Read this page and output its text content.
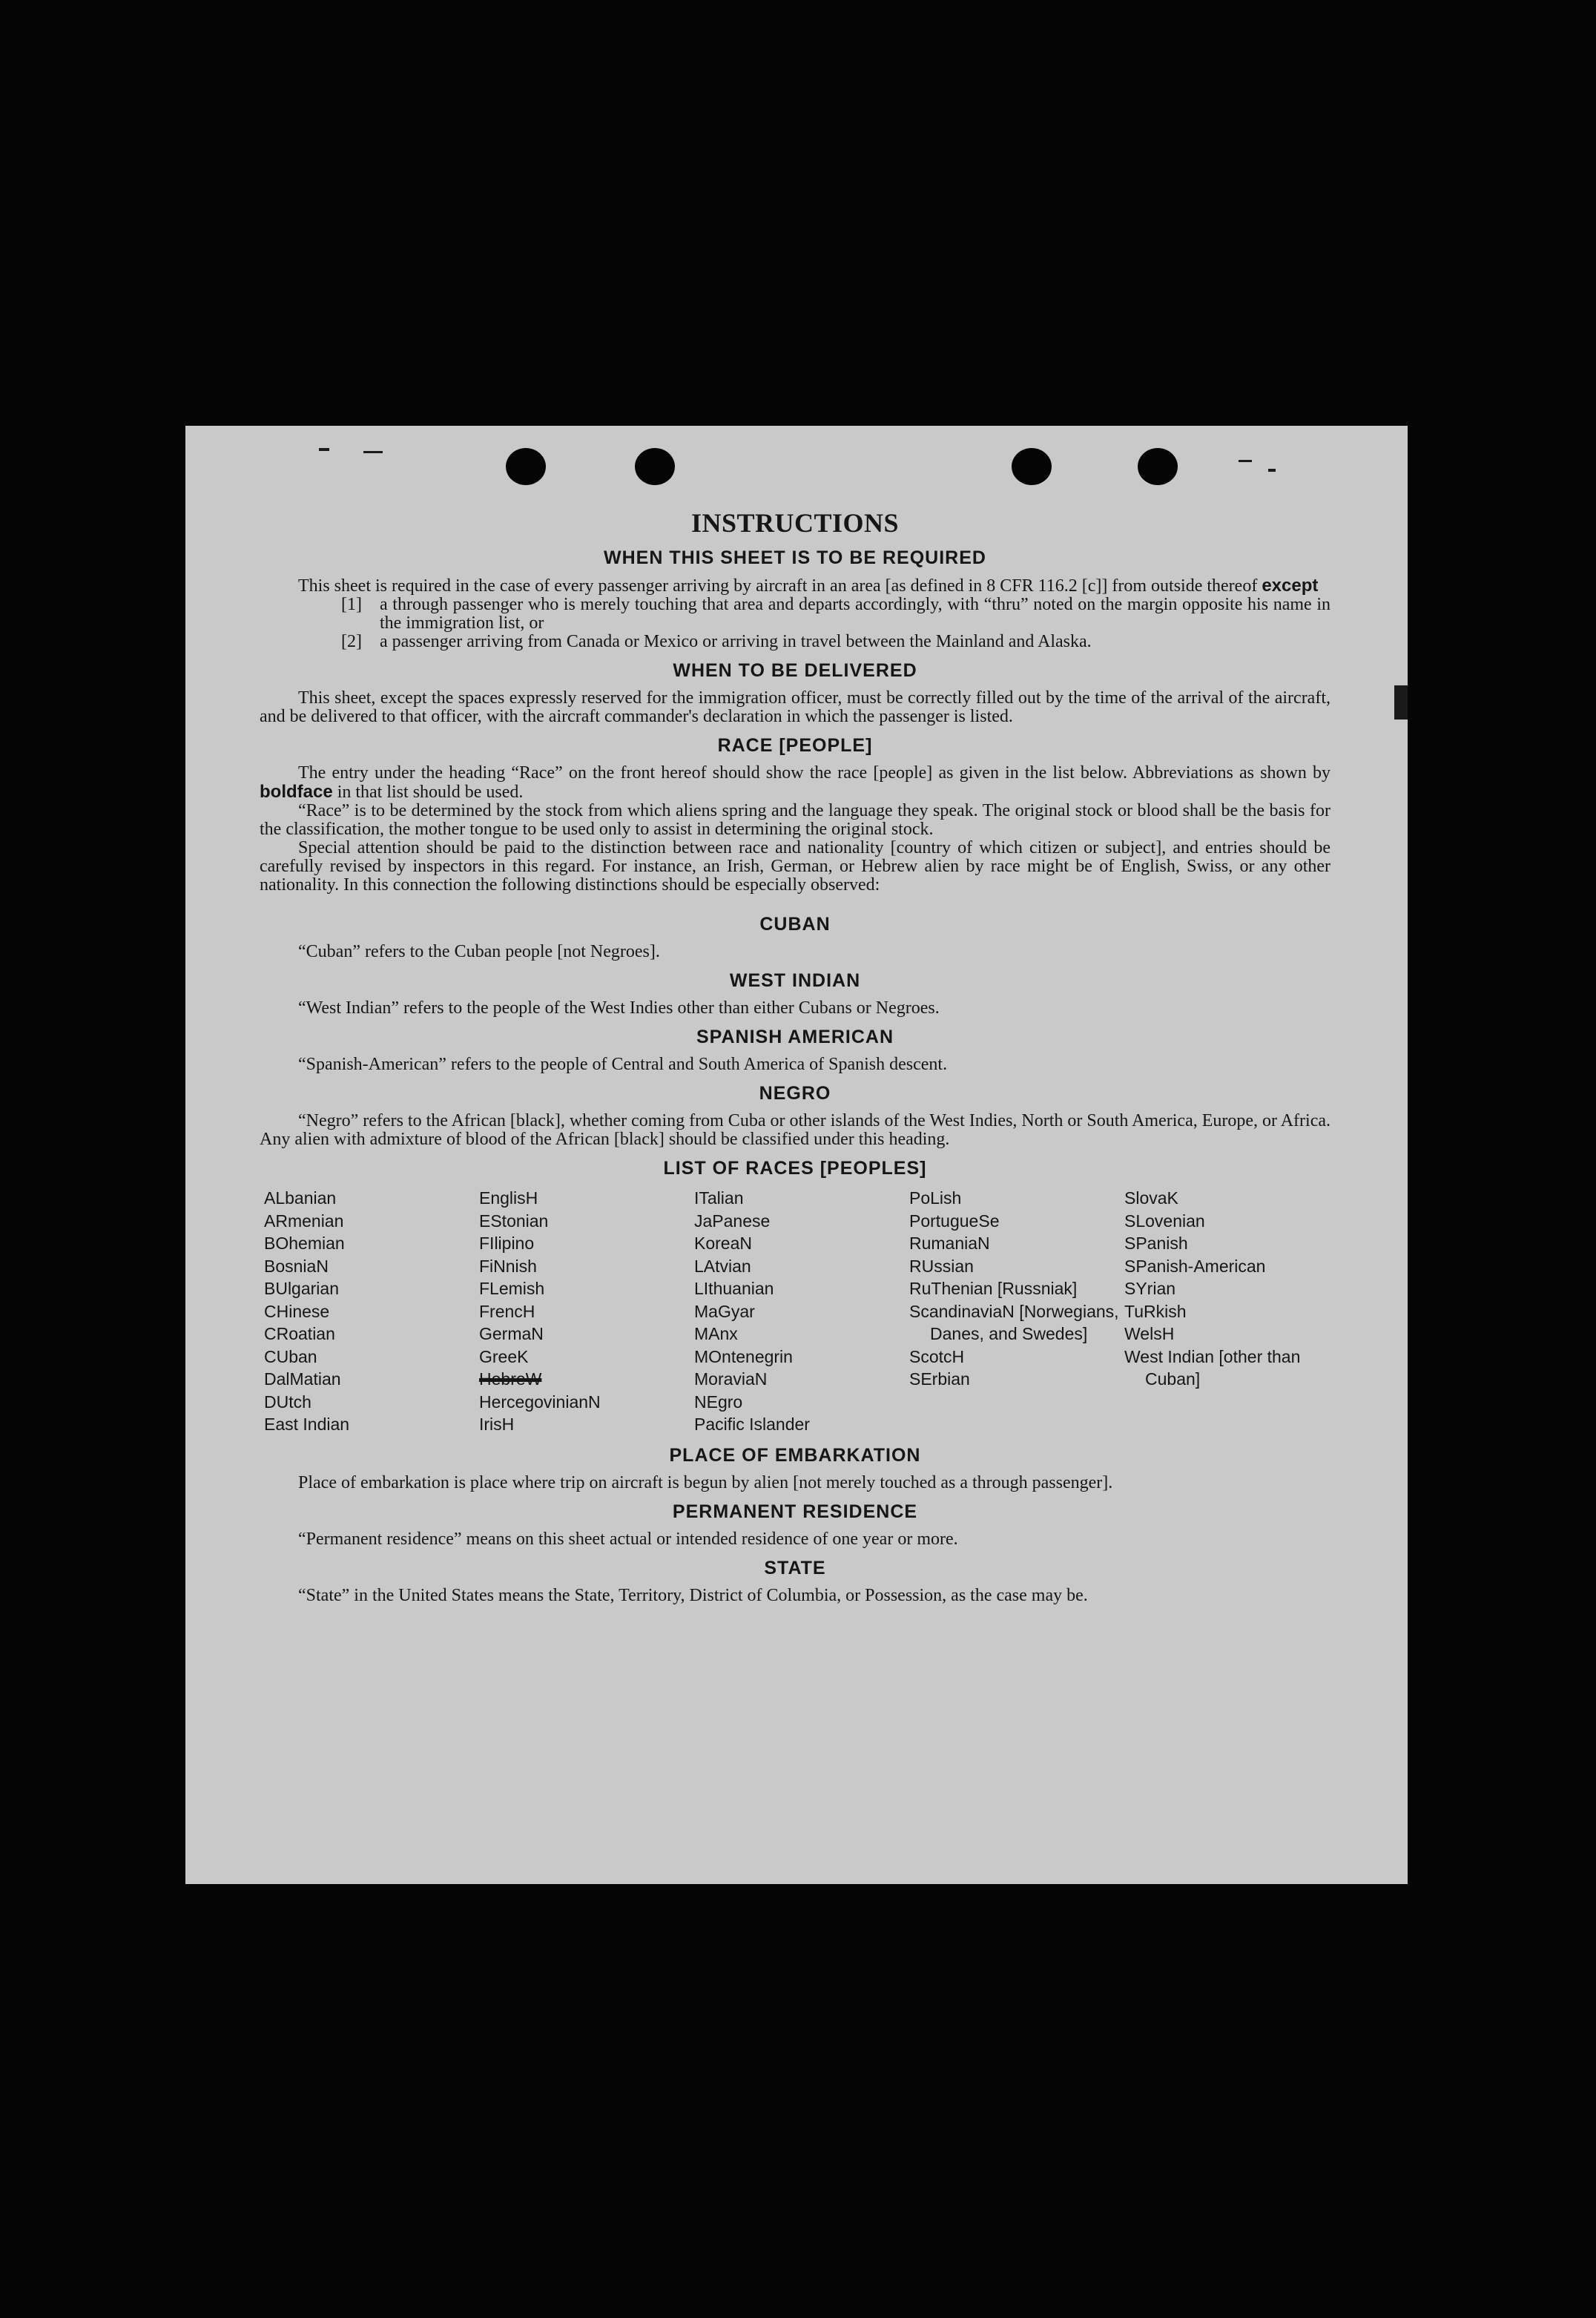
INSTRUCTIONS
WHEN THIS SHEET IS TO BE REQUIRED

This sheet is required in the case of every passenger arriving by aircraft in an area [as defined in 8 CFR 116.2 [c]] from outside thereof except

[1]	a through passenger who is merely touching that area and departs accordingly, with “thru” noted on the margin opposite his name in the immigration list, or
[2]	a passenger arriving from Canada or Mexico or arriving in travel between the Mainland and Alaska.
WHEN TO BE DELIVERED

This sheet, except the spaces expressly reserved for the immigration officer, must be correctly filled out by the time of the arrival of the aircraft, and be delivered to that officer, with the aircraft commander's declaration in which the passenger is listed.

RACE [PEOPLE]

The entry under the heading “Race” on the front hereof should show the race [people] as given in the list below. Abbreviations as shown by boldface in that list should be used.

“Race” is to be determined by the stock from which aliens spring and the language they speak. The original stock or blood shall be the basis for the classification, the mother tongue to be used only to assist in determining the original stock.

Special attention should be paid to the distinction between race and nationality [country of which citizen or subject], and entries should be carefully revised by inspectors in this regard. For instance, an Irish, German, or Hebrew alien by race might be of English, Swiss, or any other nationality. In this connection the following distinctions should be especially observed:

CUBAN

“Cuban” refers to the Cuban people [not Negroes].

WEST INDIAN

“West Indian” refers to the people of the West Indies other than either Cubans or Negroes.

SPANISH AMERICAN

“Spanish-American” refers to the people of Central and South America of Spanish descent.

NEGRO

“Negro” refers to the African [black], whether coming from Cuba or other islands of the West Indies, North or South America, Europe, or Africa. Any alien with admixture of blood of the African [black] should be classified under this heading.

LIST OF RACES [PEOPLES]
ALbanian
ARmenian
BOhemian
BosniaN
BUlgarian
CHinese
CRoatian
CUban
DalMatian
DUtch
East Indian
EnglisH
EStonian
FIlipino
FiNnish
FLemish
FrencH
GermaN
GreeK
HebreW
HercegovinianN
IrisH
ITalian
JaPanese
KoreaN
LAtvian
LIthuanian
MaGyar
MAnx
MOntenegrin
MoraviaN
NEgro
Pacific Islander
PoLish
PortugueSe
RumaniaN
RUssian
RuThenian [Russniak]
ScandinaviaN [Norwegians, Danes, and Swedes]
ScotcH
SErbian
SlovaK
SLovenian
SPanish
SPanish-American
SYrian
TuRkish
WelsH
West Indian [other than Cuban]
PLACE OF EMBARKATION

Place of embarkation is place where trip on aircraft is begun by alien [not merely touched as a through passenger].

PERMANENT RESIDENCE

“Permanent residence” means on this sheet actual or intended residence of one year or more.

STATE

“State” in the United States means the State, Territory, District of Columbia, or Possession, as the case may be.
